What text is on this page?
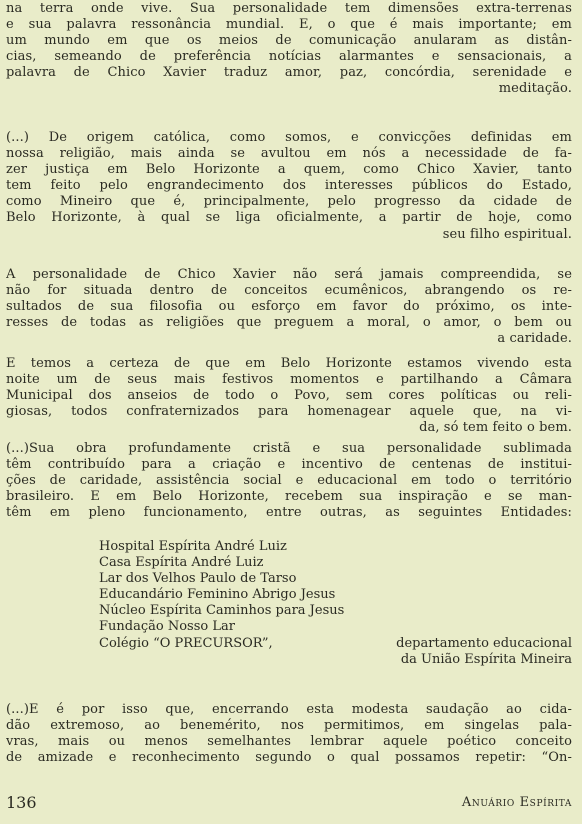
na terra onde vive. Sua personalidade tem dimensões extra-terrenas
e sua palavra ressonância mundial. E, o que é mais importante; em
um mundo em que os meios de comunicação anularam as distân-
cias, semeando de preferência notícias alarmantes e sensacionais, a
palavra de Chico Xavier traduz amor, paz, concórdia, serenidade e
meditação.
(...) De origem católica, como somos, e convicções definidas em
nossa religião, mais ainda se avultou em nós a necessidade de fa-
zer justiça em Belo Horizonte a quem, como Chico Xavier, tanto
tem feito pelo engrandecimento dos interesses públicos do Estado,
como Mineiro que é, principalmente, pelo progresso da cidade de
Belo Horizonte, à qual se liga oficialmente, a partir de hoje, como
seu filho espiritual.
A personalidade de Chico Xavier não será jamais compreendida, se
não for situada dentro de conceitos ecumênicos, abrangendo os re-
sultados de sua filosofia ou esforço em favor do próximo, os inte-
resses de todas as religiões que preguem a moral, o amor, o bem ou
a caridade.
E temos a certeza de que em Belo Horizonte estamos vivendo esta
noite um de seus mais festivos momentos e partilhando a Câmara
Municipal dos anseios de todo o Povo, sem cores políticas ou reli-
giosas, todos confraternizados para homenagear aquele que, na vi-
da, só tem feito o bem.
(...)Sua obra profundamente cristã e sua personalidade sublimada
têm contribuído para a criação e incentivo de centenas de institui-
ções de caridade, assistência social e educacional em todo o território
brasileiro. E em Belo Horizonte, recebem sua inspiração e se man-
têm em pleno funcionamento, entre outras, as seguintes Entidades:
Hospital Espírita André Luiz
Casa Espírita André Luiz
Lar dos Velhos Paulo de Tarso
Educandário Feminino Abrigo Jesus
Núcleo Espírita Caminhos para Jesus
Fundação Nosso Lar
Colégio “O PRECURSOR”,	departamento educacional
da União Espírita Mineira
(...)E é por isso que, encerrando esta modesta saudação ao cida-
dão extremoso, ao benemérito, nos permitimos, em singelas pala-
vras, mais ou menos semelhantes lembrar aquele poético conceito
de amizade e reconhecimento segundo o qual possamos repetir: “On-
136	Anuário Espírita
